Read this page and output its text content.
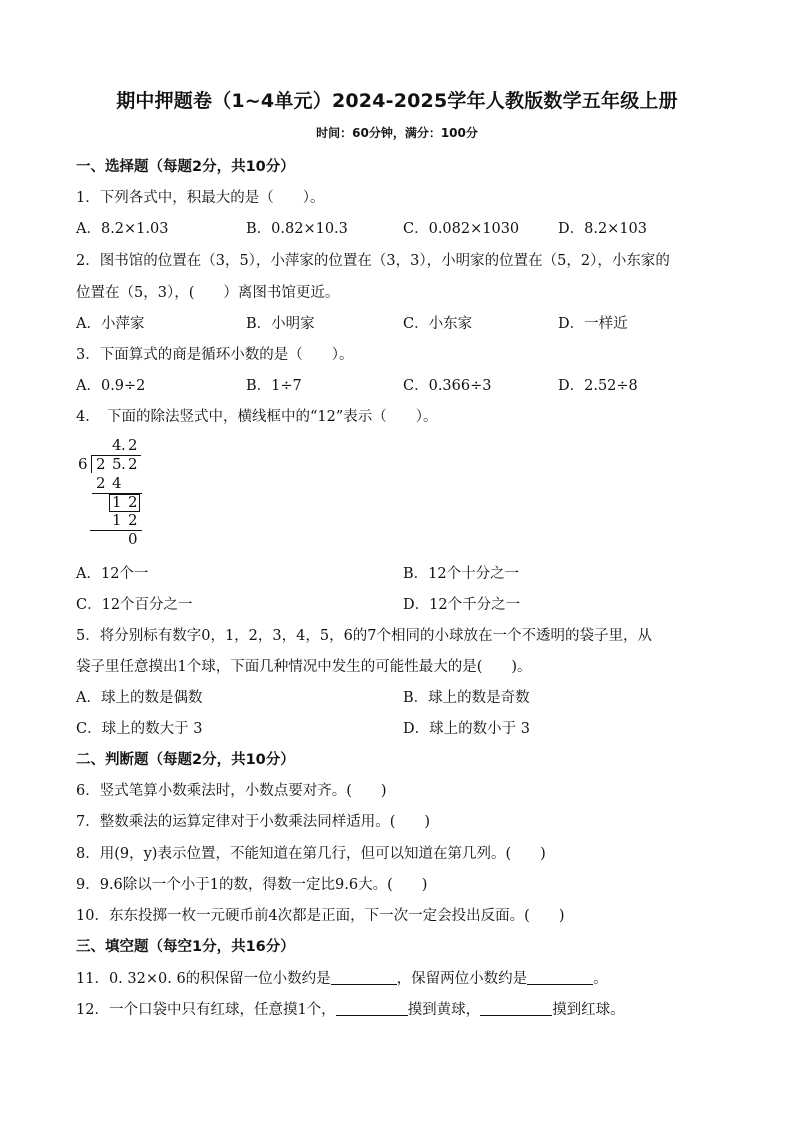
期中押题卷（1~4单元）2024-2025学年人教版数学五年级上册
时间：60分钟，满分：100分
一、选择题（每题2分，共10分）
1．下列各式中，积最大的是（　　）。
A．8.2×1.03	B．0.82×10.3	C．0.082×1030	D．8.2×103
2．图书馆的位置在（3，5），小萍家的位置在（3，3），小明家的位置在（5，2），小东家的
位置在（5，3），(　　）离图书馆更近。
A．小萍家	B．小明家	C．小东家	D．一样近
3．下面算式的商是循环小数的是（　　）。
A．0.9÷2	B．1÷7	C．0.366÷3	D．2.52÷8
4．　下面的除法竖式中，横线框中的“12”表示（　　）。
4 . 2
6 2 5 . 2
2 4
1 2
1 2
0
A．12个一	B．12个十分之一
C．12个百分之一	D．12个千分之一
5．将分别标有数字0，1，2，3，4，5，6的7个相同的小球放在一个不透明的袋子里，从
袋子里任意摸出1个球，下面几种情况中发生的可能性最大的是(　　)。
A．球上的数是偶数	B．球上的数是奇数
C．球上的数大于 3	D．球上的数小于 3
二、判断题（每题2分，共10分）
6．竖式笔算小数乘法时，小数点要对齐。(　　)
7．整数乘法的运算定律对于小数乘法同样适用。(　　)
8．用(9，y)表示位置，不能知道在第几行，但可以知道在第几列。(　　)
9．9.6除以一个小于1的数，得数一定比9.6大。(　　)
10．东东投掷一枚一元硬币前4次都是正面，下一次一定会投出反面。(　　)
三、填空题（每空1分，共16分）
11．0. 32×0. 6的积保留一位小数约是	，保留两位小数约是	。
12．一个口袋中只有红球，任意摸1个，	摸到黄球，	摸到红球。
